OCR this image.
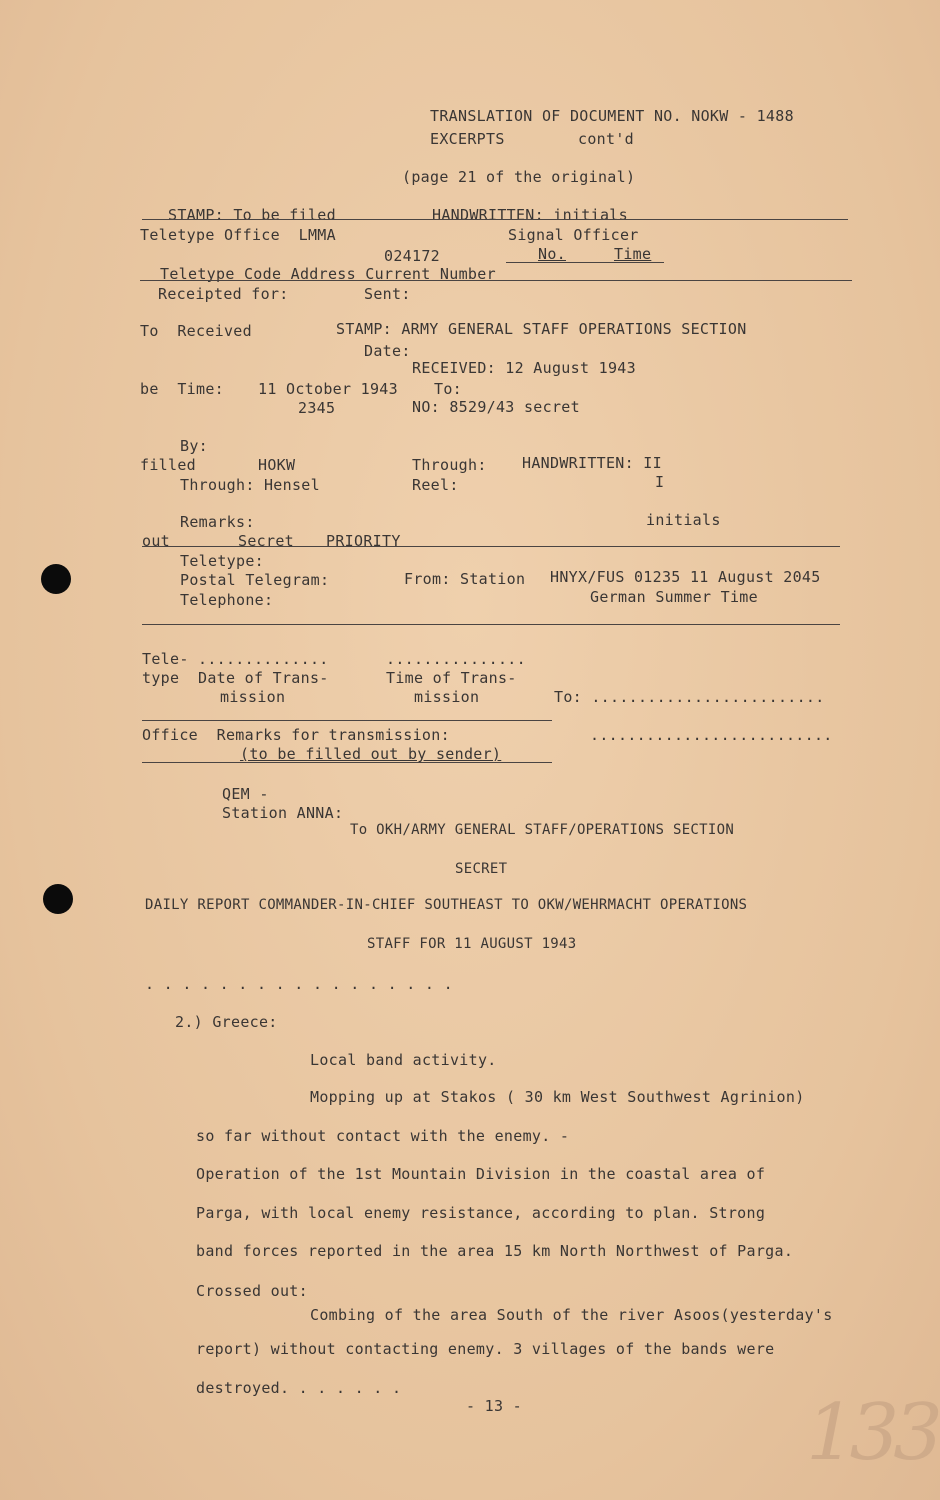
TRANSLATION OF DOCUMENT NO. NOKW - 1488
EXCERPTS	cont'd
(page 21 of the original)
STAMP: To be filed	HANDWRITTEN: initials
Teletype Office  LMMA	Signal Officer
024172	No.	Time
Teletype Code Address Current Number
Receipted for:	Sent:
To  Received	STAMP: ARMY GENERAL STAFF OPERATIONS SECTION
Date:
RECEIVED: 12 August 1943
be  Time: 11 October 1943 To:
2345	NO: 8529/43 secret
By:
filled	HOKW	Through: HANDWRITTEN: II
Through: Hensel	Reel:	I
Remarks:	initials
out	Secret PRIORITY
Teletype:
Postal Telegram:	From: Station HNYX/FUS 01235 11 August 2045
German Summer Time
Telephone:
Tele- ..............	...............
type  Date of Trans-	Time of Trans-
mission	mission	To: .........................
Office  Remarks for transmission:	..........................
(to be filled out by sender)
QEM -
Station ANNA:
To OKH/ARMY GENERAL STAFF/OPERATIONS SECTION
SECRET
DAILY REPORT COMMANDER-IN-CHIEF SOUTHEAST TO OKW/WEHRMACHT OPERATIONS
STAFF FOR 11 AUGUST 1943
. . . . . . . . . . . . . . . . .
2.) Greece:
Local band activity.
Mopping up at Stakos ( 30 km West Southwest Agrinion)
so far without contact with the enemy. -
Operation of the 1st Mountain Division in the coastal area of
Parga, with local enemy resistance, according to plan. Strong
band forces reported in the area 15 km North Northwest of Parga.
Crossed out:
Combing of the area South of the river Asoos(yesterday's
report) without contacting enemy. 3 villages of the bands were
destroyed. . . . . . .
- 13 -	133
